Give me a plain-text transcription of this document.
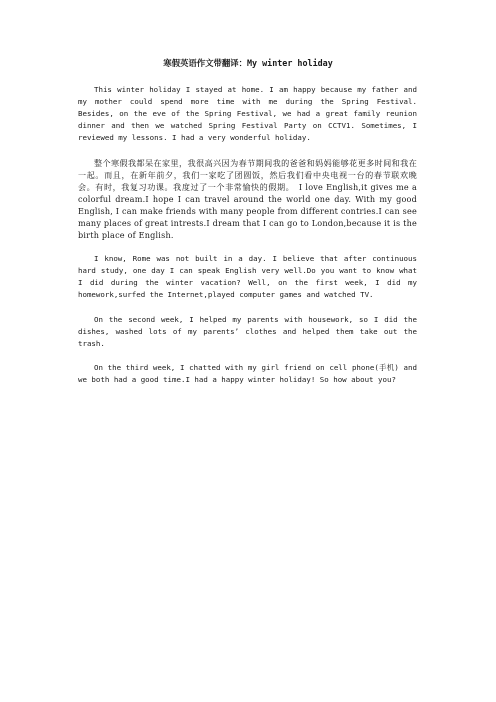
寒假英语作文带翻译：My winter holiday

This winter holiday I stayed at home. I am happy because my father and my mother could spend more time with me during the Spring Festival. Besides, on the eve of the Spring Festival, we had a great family reunion dinner and then we watched Spring Festival Party on CCTV1. Sometimes, I reviewed my lessons. I had a very wonderful holiday.

整个寒假我都呆在家里，我很高兴因为春节期间我的爸爸和妈妈能够花更多时间和我在一起。而且，在新年前夕，我们一家吃了团圆饭，然后我们看中央电视一台的春节联欢晚会。有时，我复习功课。我度过了一个非常愉快的假期。　I love English,it gives me a colorful dream.I hope I can travel around the world one day. With my good English, I can make friends with many people from different contries.I can see many places of great intrests.I dream that I can go to London,because it is the birth place of English.

I know, Rome was not built in a day. I believe that after continuous hard study, one day I can speak English very well.Do you want to know what I did during the winter vacation? Well, on the first week, I did my homework,surfed the Internet,played computer games and watched TV.

On the second week, I helped my parents with housework, so I did the dishes, washed lots of my parents’ clothes and helped them take out the trash.

On the third week, I chatted with my girl friend on cell phone(手机) and we both had a good time.I had a happy winter holiday! So how about you?
